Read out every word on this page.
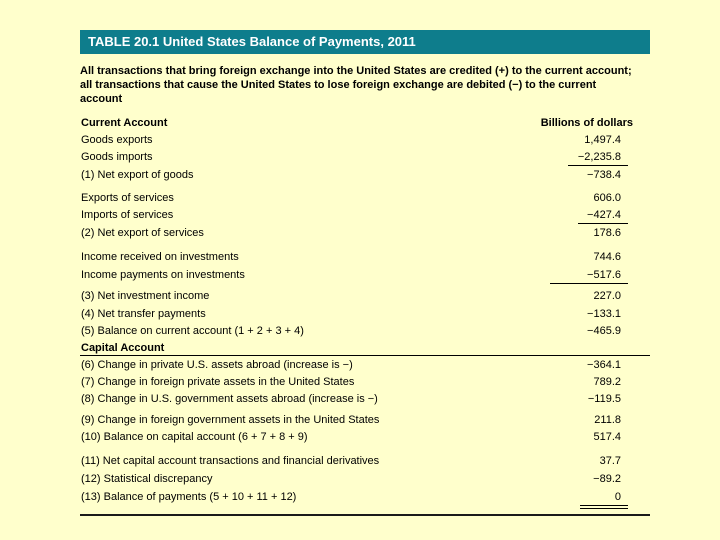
TABLE 20.1 United States Balance of Payments, 2011
All transactions that bring foreign exchange into the United States are credited (+) to the current account; all transactions that cause the United States to lose foreign exchange are debited (−) to the current account
Current Account	Billions of dollars
Goods exports	1,497.4
Goods imports	−2,235.8
(1) Net export of goods	−738.4
Exports of services	606.0
Imports of services	−427.4
(2) Net export of services	178.6
Income received on investments	744.6
Income payments on investments	−517.6
(3) Net investment income	227.0
(4) Net transfer payments	−133.1
(5) Balance on current account (1 + 2 + 3 + 4)	−465.9
Capital Account
(6) Change in private U.S. assets abroad (increase is −)	−364.1
(7) Change in foreign private assets in the United States	789.2
(8) Change in U.S. government assets abroad (increase is −)	−119.5
(9) Change in foreign government assets in the United States	211.8
(10) Balance on capital account (6 + 7 + 8 + 9)	517.4
(11) Net capital account transactions and financial derivatives	37.7
(12) Statistical discrepancy	−89.2
(13) Balance of payments (5 + 10 + 11 + 12)	0
